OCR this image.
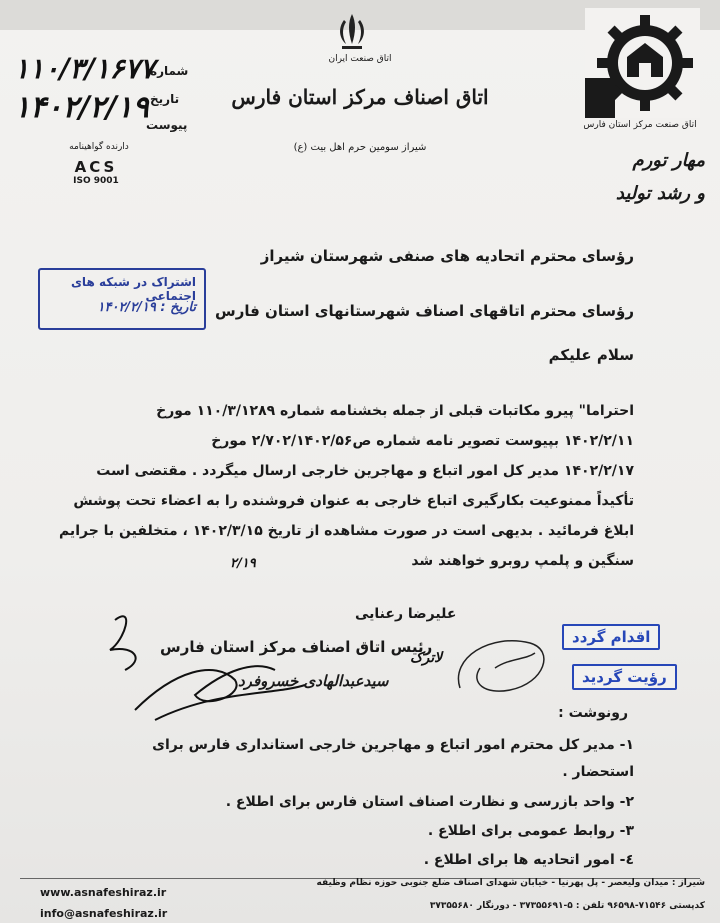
اتاق صنعت ایران
اتاق اصناف مرکز استان فارس
شیراز سومین حرم اهل بیت (ع)
اتاق صنعت مرکز استان فارس
مهار تورم
و رشد تولید
شماره
۱۱۰/۳/۱۶۷۷
تاریخ
۱۴۰۲/۲/۱۹
پیوست
دارنده گواهینامه
ACS
ISO 9001
اشتراک در شبکه های اجتماعی
تاریخ : ۱۴۰۲/۲/۱۹
رؤسای محترم اتحادیه های صنفی شهرستان شیراز
رؤسای محترم اتاقهای اصناف شهرستانهای استان فارس
سلام علیکم
احتراما" پیرو مکاتبات قبلی از جمله بخشنامه شماره ۱۱۰/۳/۱۲۸۹ مورخ
۱۴۰۲/۲/۱۱ بپیوست تصویر نامه شماره ص۲/۷۰۲/۱۴۰۲/۵۶ مورخ
۱۴۰۲/۲/۱۷ مدیر کل امور اتباع و مهاجرین خارجی ارسال میگردد . مقتضی است
تأکیداً ممنوعیت بکارگیری اتباع خارجی به عنوان فروشنده را به اعضاء تحت پوشش
ابلاغ فرمائید . بدیهی است در صورت مشاهده از تاریخ ۱۴۰۲/۳/۱۵ ، متخلفین با جرایم
سنگین و پلمپ روبرو خواهند شد
۲/۱۹
علیرضا رعنایی
رئیس اتاق اصناف مرکز استان فارس
لاترک
سیدعبدالهادی خسروفرد
اقدام گردد
رؤیت گردید
رونوشت :
۱- مدیر کل محترم امور اتباع و مهاجرین خارجی استانداری فارس برای
استحضار .
۲- واحد بازرسی و نظارت اصناف استان فارس برای اطلاع .
۳- روابط عمومی برای اطلاع .
٤- امور اتحادیه ها برای اطلاع .
www.asnafeshiraz.ir
info@asnafeshiraz.ir
شیراز : میدان ولیعصر - پل پهرنیا - خیابان شهدای اصناف ضلع جنوبی حوزه نظام وظیفه
کدپستی ۷۱۵۴۶-۹۶۵۹۸ تلفن : ۵-۳۷۳۵۵۶۹۱ - دورنگار ۳۷۳۵۵۶۸۰
